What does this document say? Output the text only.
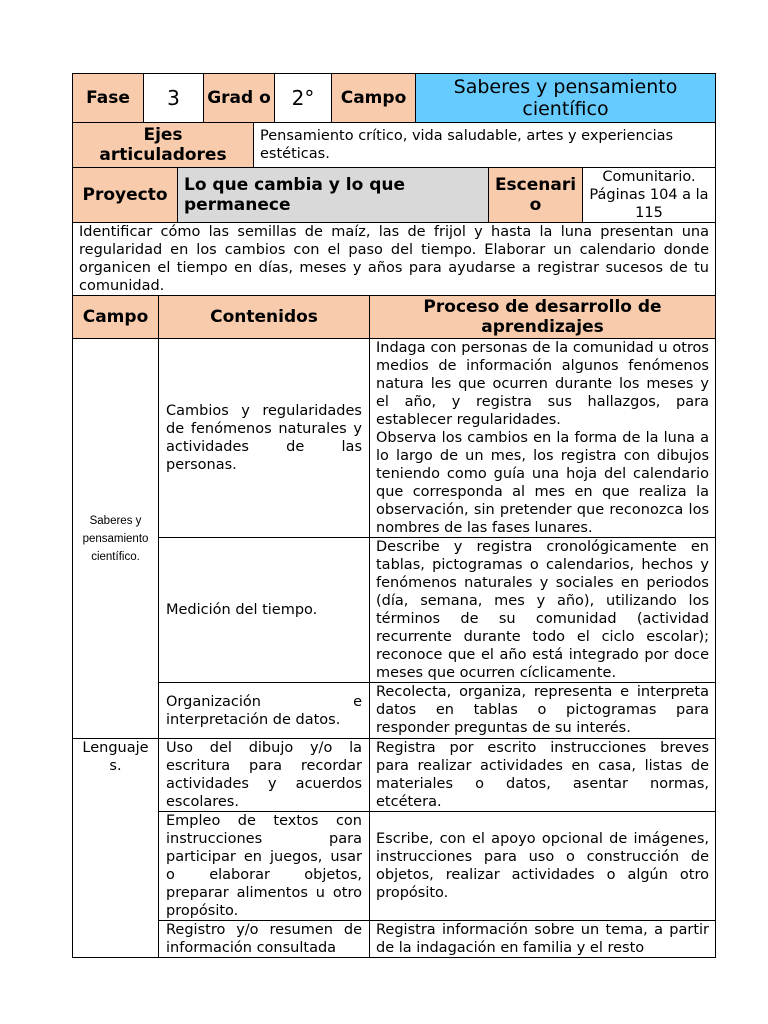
Fase	3	Grad o	2°	Campo	Saberes y pensamiento científico
Ejes articuladores	Pensamiento crítico, vida saludable, artes y experiencias estéticas.
Proyecto	Lo que cambia y lo que permanece	Escenari o	Comunitario. Páginas 104 a la 115
Identificar cómo las semillas de maíz, las de frijol y hasta la luna presentan una regularidad en los cambios con el paso del tiempo. Elaborar un calendario donde organicen el tiempo en días, meses y años para ayudarse a registrar sucesos de tu comunidad.
Campo	Contenidos	Proceso de desarrollo de aprendizajes
Saberes y pensamiento científico.	Cambios y regularidades de fenómenos naturales y actividades de las personas.	Indaga con personas de la comunidad u otros medios de información algunos fenómenos natura les que ocurren durante los meses y el año, y registra sus hallazgos, para establecer regularidades.
Observa los cambios en la forma de la luna a lo largo de un mes, los registra con dibujos teniendo como guía una hoja del calendario que corresponda al mes en que realiza la observación, sin pretender que reconozca los nombres de las fases lunares.

	Medición del tiempo.	Describe y registra cronológicamente en tablas, pictogramas o calendarios, hechos y fenómenos naturales y sociales en periodos (día, semana, mes y año), utilizando los términos de su comunidad (actividad recurrente durante todo el ciclo escolar); reconoce que el año está integrado por doce meses que ocurren cíclicamente.
	Organización e interpretación de datos.	Recolecta, organiza, representa e interpreta datos en tablas o pictogramas para responder preguntas de su interés.
Lenguaje s.	Uso del dibujo y/o la escritura para recordar actividades y acuerdos escolares.	Registra por escrito instrucciones breves para realizar actividades en casa, listas de materiales o datos, asentar normas, etcétera.
	Empleo de textos con instrucciones para participar en juegos, usar o elaborar objetos, preparar alimentos u otro propósito.	Escribe, con el apoyo opcional de imágenes, instrucciones para uso o construcción de objetos, realizar actividades o algún otro propósito.
	Registro y/o resumen de información consultada	Registra información sobre un tema, a partir de la indagación en familia y el resto
